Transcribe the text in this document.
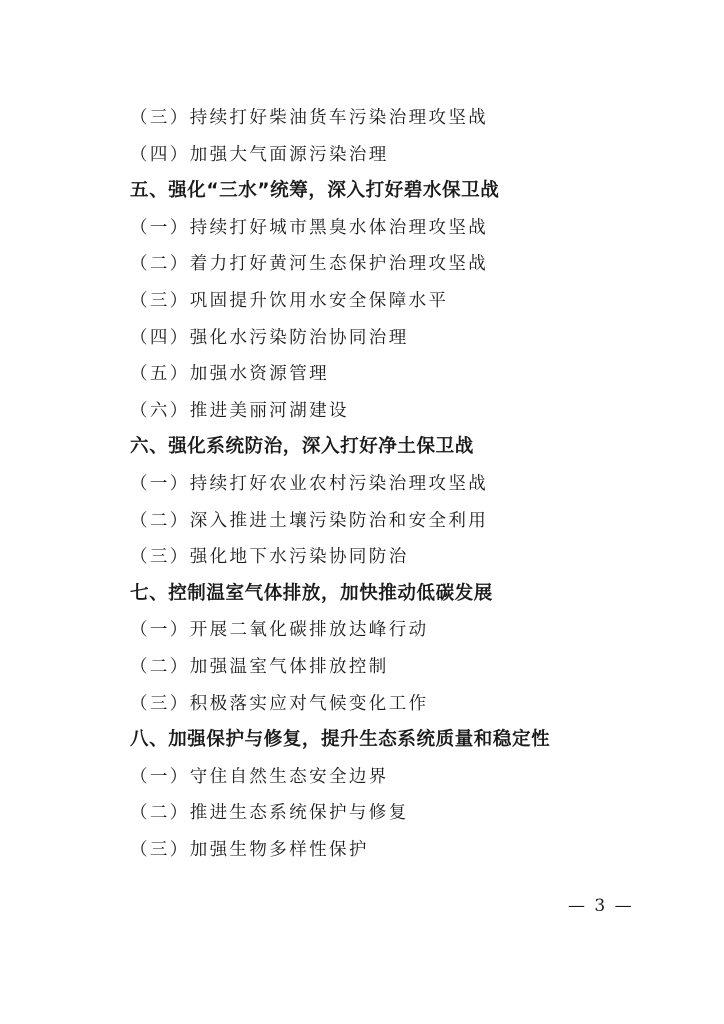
（三）持续打好柴油货车污染治理攻坚战
（四）加强大气面源污染治理
五、强化“三水”统筹，深入打好碧水保卫战
（一）持续打好城市黑臭水体治理攻坚战
（二）着力打好黄河生态保护治理攻坚战
（三）巩固提升饮用水安全保障水平
（四）强化水污染防治协同治理
（五）加强水资源管理
（六）推进美丽河湖建设
六、强化系统防治，深入打好净土保卫战
（一）持续打好农业农村污染治理攻坚战
（二）深入推进土壤污染防治和安全利用
（三）强化地下水污染协同防治
七、控制温室气体排放，加快推动低碳发展
（一）开展二氧化碳排放达峰行动
（二）加强温室气体排放控制
（三）积极落实应对气候变化工作
八、加强保护与修复，提升生态系统质量和稳定性
（一）守住自然生态安全边界
（二）推进生态系统保护与修复
（三）加强生物多样性保护
— 3 —
